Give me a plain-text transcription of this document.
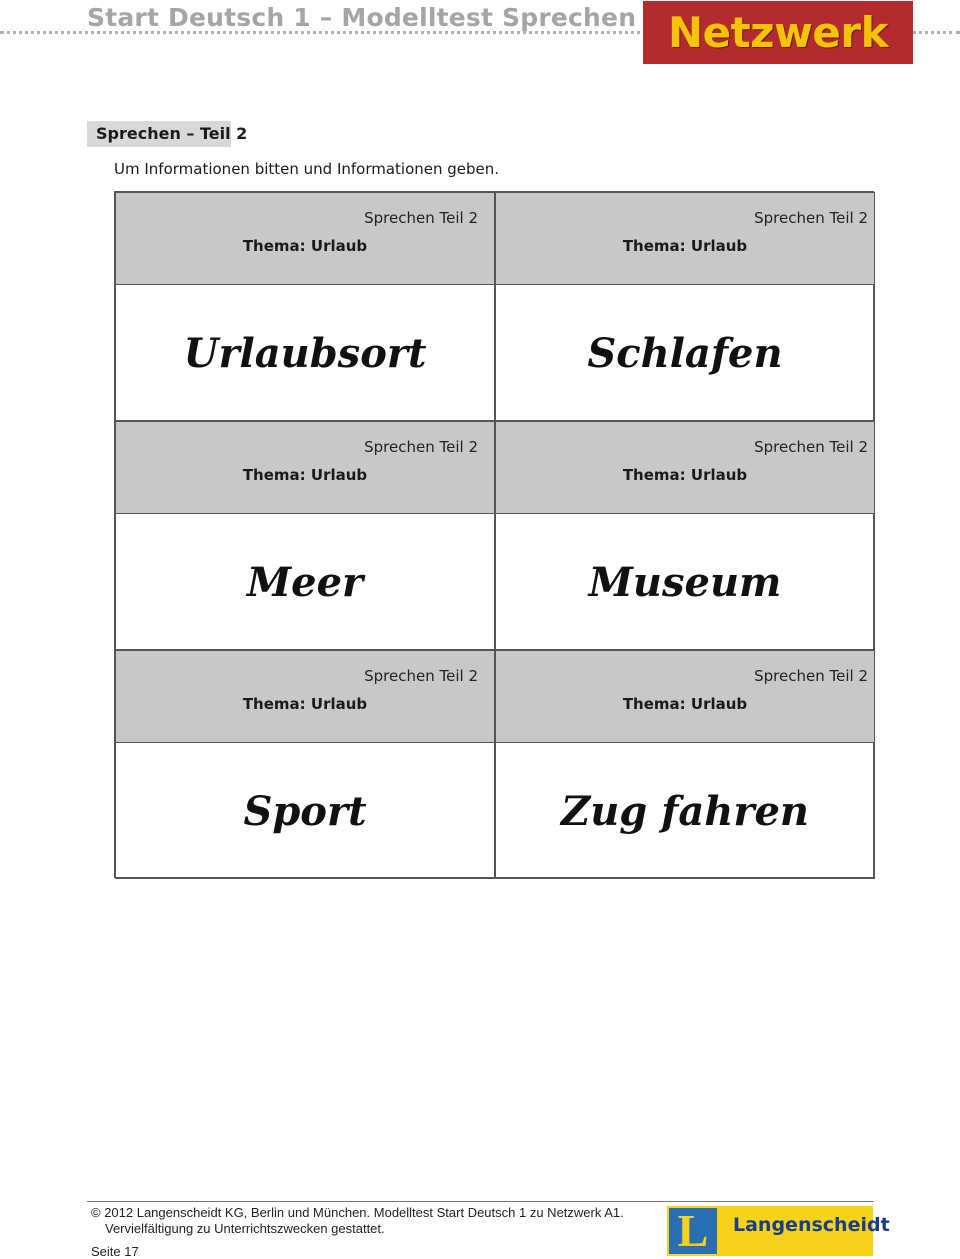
Start Deutsch 1 – Modelltest Sprechen Netzwerk
Sprechen – Teil 2
Um Informationen bitten und Informationen geben.
Sprechen Teil 2
Thema: Urlaub
Urlaubsort
Sprechen Teil 2
Thema: Urlaub
Schlafen
Sprechen Teil 2
Thema: Urlaub
Meer
Sprechen Teil 2
Thema: Urlaub
Museum
Sprechen Teil 2
Thema: Urlaub
Sport
Sprechen Teil 2
Thema: Urlaub
Zug fahren
© 2012 Langenscheidt KG, Berlin und München. Modelltest Start Deutsch 1 zu Netzwerk A1.
Vervielfältigung zu Unterrichtszwecken gestattet.
Seite 17	L Langenscheidt
